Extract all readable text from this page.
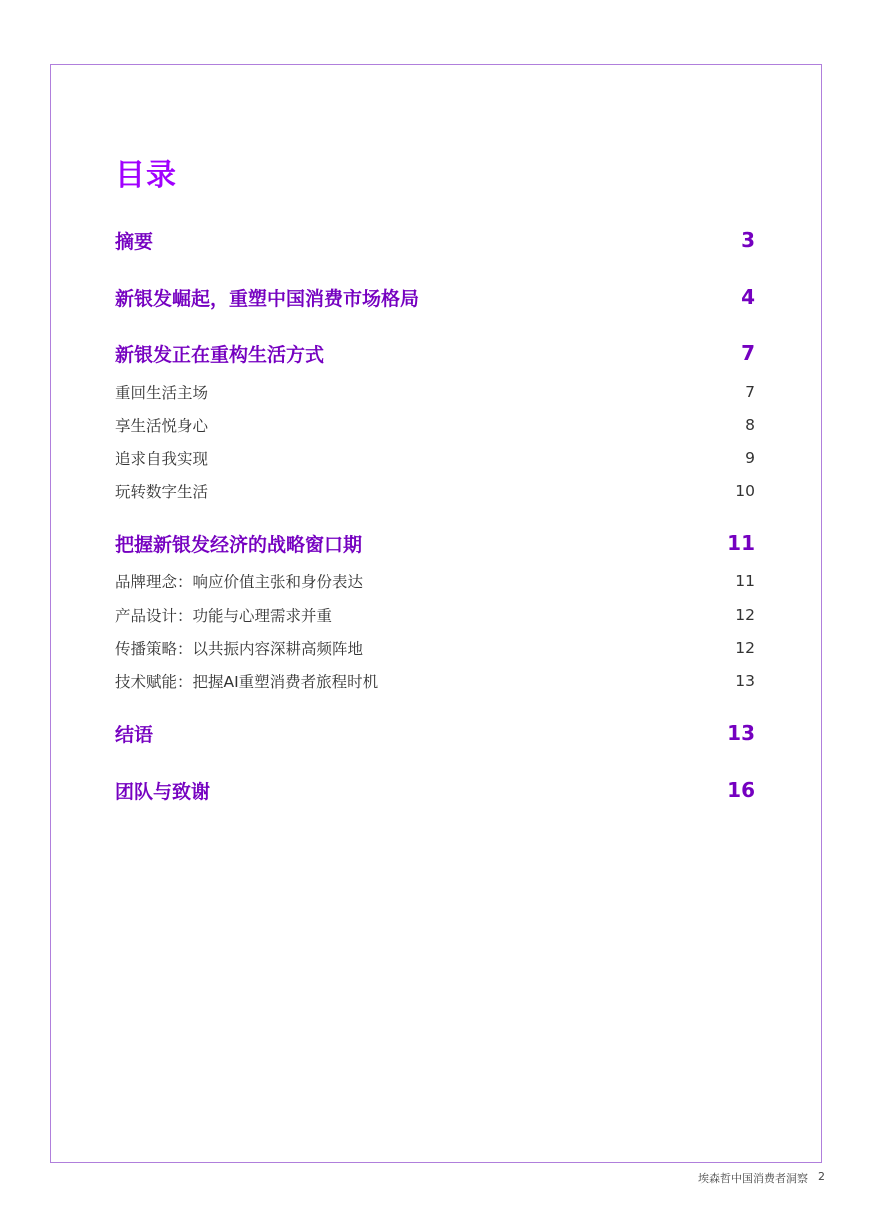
目录
摘要	3
新银发崛起，重塑中国消费市场格局	4
新银发正在重构生活方式	7
重回生活主场	7
享生活悦身心	8
追求自我实现	9
玩转数字生活	10
把握新银发经济的战略窗口期	11
品牌理念：响应价值主张和身份表达	11
产品设计：功能与心理需求并重	12
传播策略：以共振内容深耕高频阵地	12
技术赋能：把握AI重塑消费者旅程时机	13
结语	13
团队与致谢	16
埃森哲中国消费者洞察 2
